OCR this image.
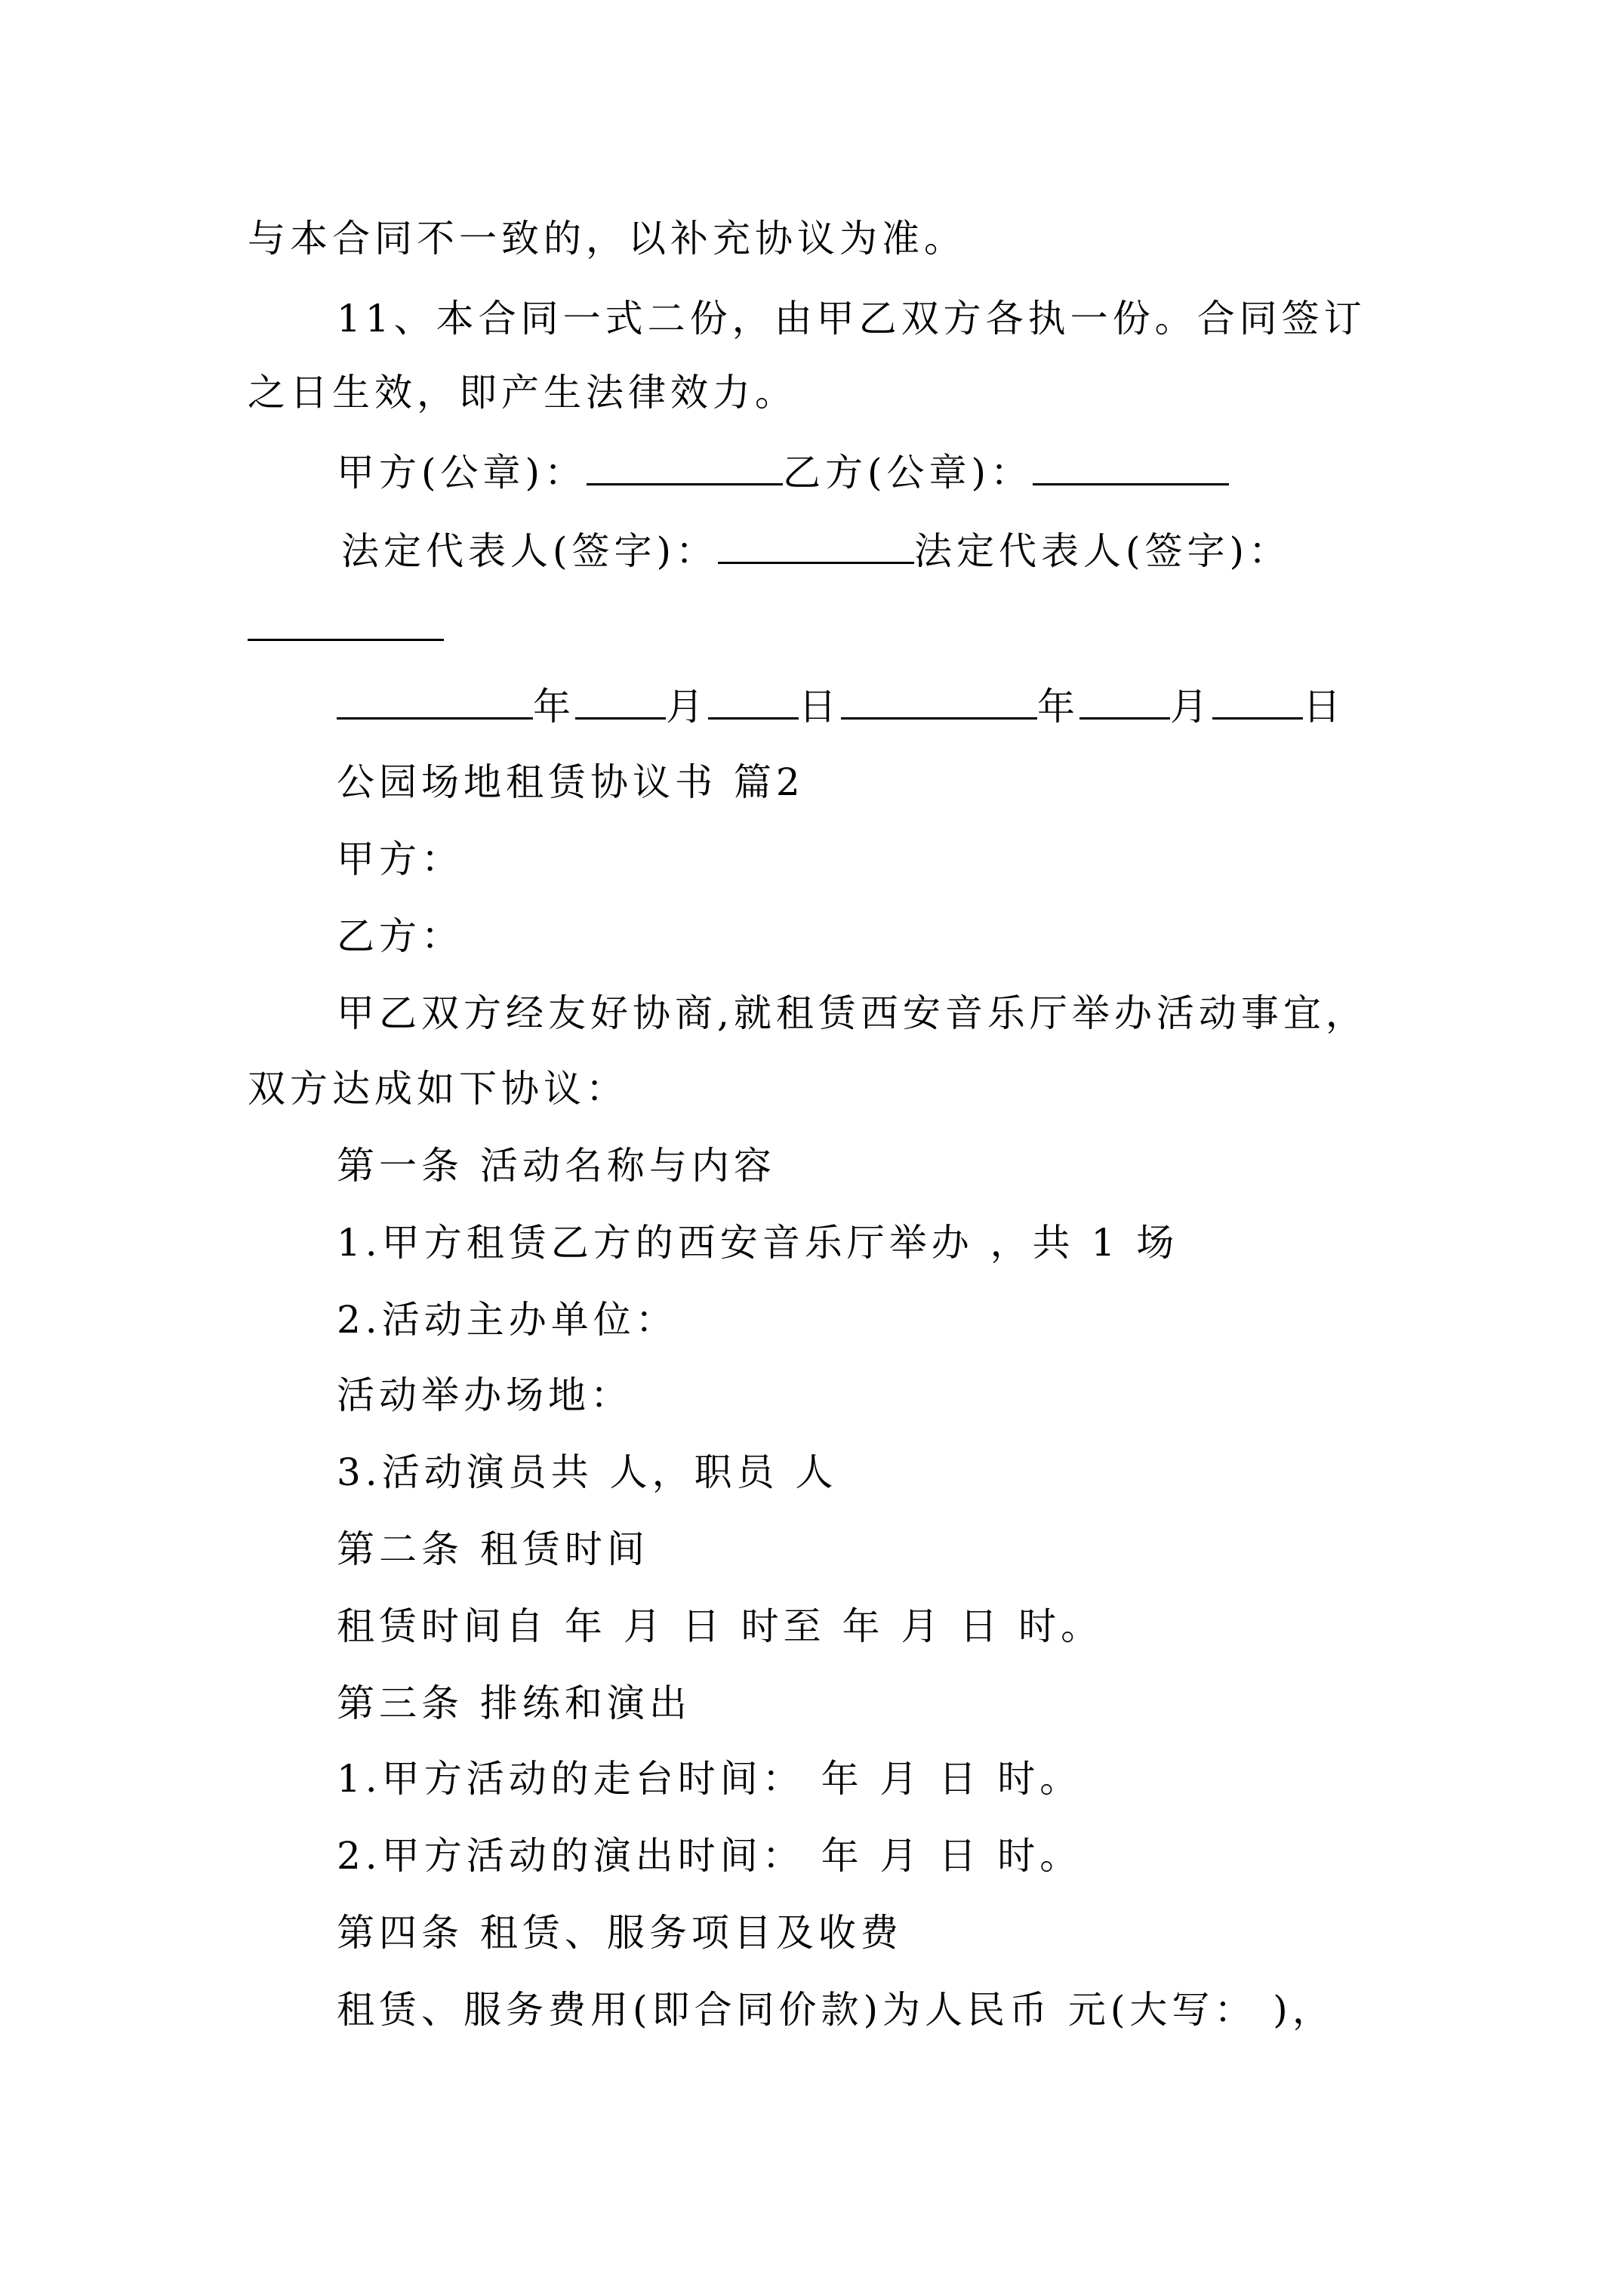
与本合同不一致的，以补充协议为准。
11、本合同一式二份，由甲乙双方各执一份。合同签订
之日生效，即产生法律效力。
甲方(公章)：	乙方(公章)：
法定代表人(签字)：	法定代表人(签字)：
年 月 日	年 月 日
公园场地租赁协议书 篇2
甲方：
乙方：
甲乙双方经友好协商,就租赁西安音乐厅举办活动事宜，
双方达成如下协议：
第一条 活动名称与内容
1.甲方租赁乙方的西安音乐厅举办 ，共 1 场
2.活动主办单位：
活动举办场地：
3.活动演员共 人，职员 人
第二条 租赁时间
租赁时间自 年 月 日 时至 年 月 日 时。
第三条 排练和演出
1.甲方活动的走台时间： 年 月 日 时。
2.甲方活动的演出时间： 年 月 日 时。
第四条 租赁、服务项目及收费
租赁、服务费用(即合同价款)为人民币 元(大写： )，
